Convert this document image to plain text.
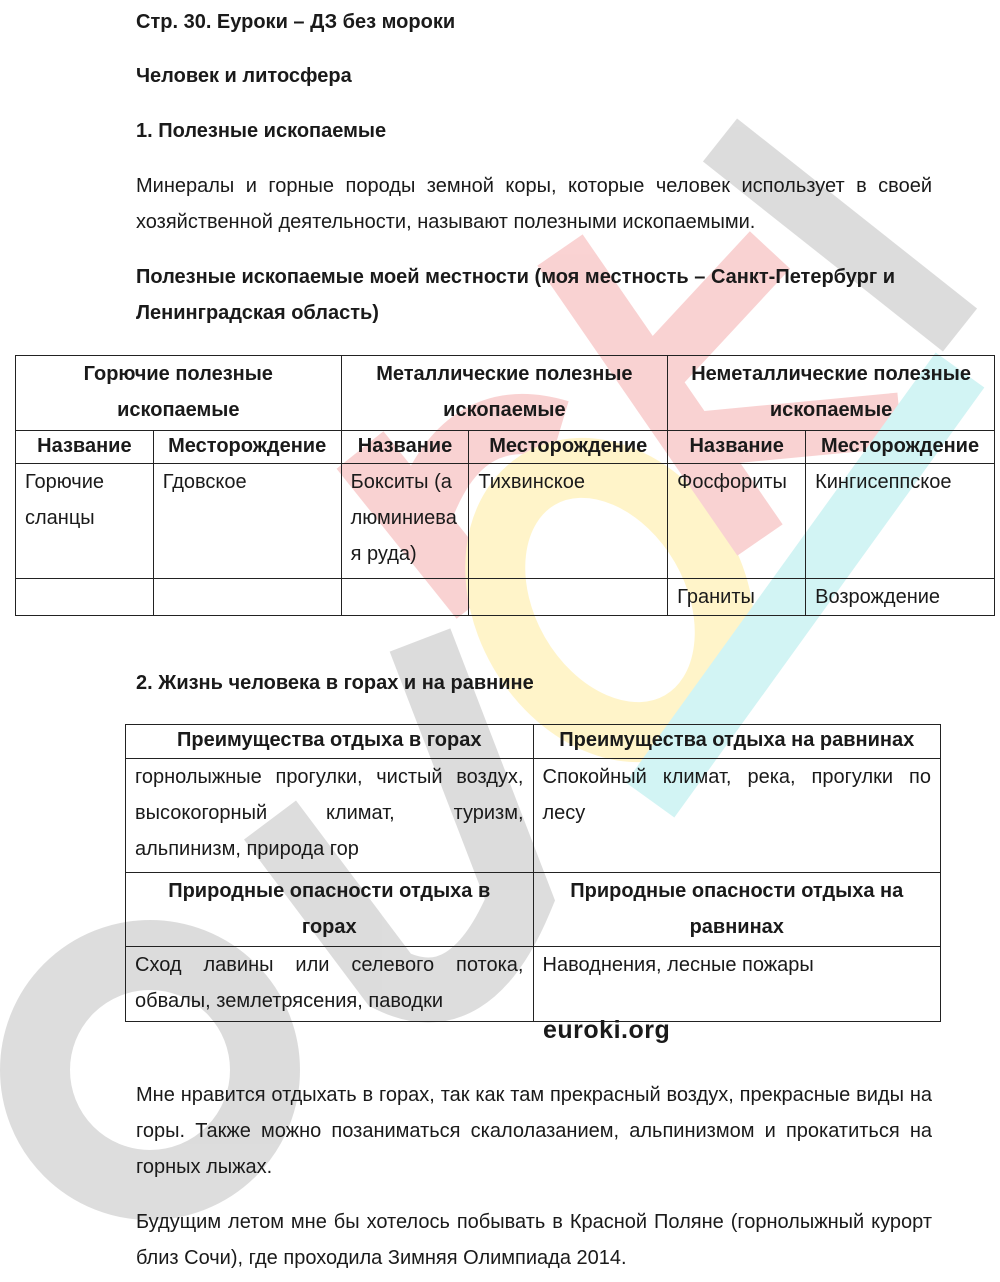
Стр. 30. Еуроки – ДЗ без мороки
Человек и литосфера
1. Полезные ископаемые
Минералы и горные породы земной коры, которые человек использует в своей хозяйственной деятельности, называют полезными ископаемыми.
Полезные ископаемые моей местности (моя местность – Санкт-Петербург и Ленинградская область)
Горючие полезные ископаемые		Металлические полезные ископаемые		Неметаллические полезные ископаемые	
Название	Месторождение	Название	Месторождение	Название	Месторождение
Горючие сланцы	Гдовское	Бокситы (алюминиевая руда)	Тихвинское	Фосфориты	Кингисеппское
				Граниты	Возрождение
2. Жизнь человека в горах и на равнине
Преимущества отдыха в горах	Преимущества отдыха на равнинах
горнолыжные прогулки, чистый воздух, высокогорный климат, туризм, альпинизм, природа гор	Спокойный климат, река, прогулки по лесу
Природные опасности отдыха в горах	Природные опасности отдыха на равнинах
Сход лавины или селевого потока, обвалы, землетрясения, паводки	Наводнения, лесные пожары
euroki.org
Мне нравится отдыхать в горах, так как там прекрасный воздух, прекрасные виды на горы. Также можно позаниматься скалолазанием, альпинизмом и прокатиться на горных лыжах.
Будущим летом мне бы хотелось побывать в Красной Поляне (горнолыжный курорт близ Сочи), где проходила Зимняя Олимпиада 2014.
